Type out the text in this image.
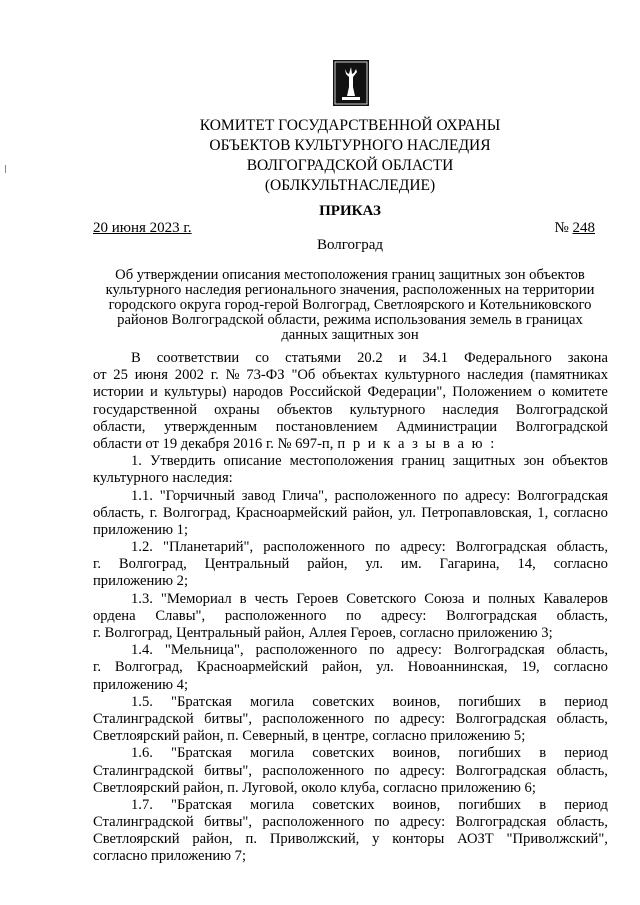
КОМИТЕТ ГОСУДАРСТВЕННОЙ ОХРАНЫ
ОБЪЕКТОВ КУЛЬТУРНОГО НАСЛЕДИЯ
ВОЛГОГРАДСКОЙ ОБЛАСТИ
(ОБЛКУЛЬТНАСЛЕДИЕ)
ПРИКАЗ
20 июня 2023 г.	№ 248
Волгоград
Об утверждении описания местоположения границ защитных зон объектов
культурного наследия регионального значения, расположенных на территории
городского округа город-герой Волгоград, Светлоярского и Котельниковского
районов Волгоградской области, режима использования земель в границах
данных защитных зон
В соответствии со статьями 20.2 и 34.1 Федерального закона
от 25 июня 2002 г. № 73-ФЗ "Об объектах культурного наследия (памятниках
истории и культуры) народов Российской Федерации", Положением о комитете
государственной охраны объектов культурного наследия Волгоградской
области, утвержденным постановлением Администрации Волгоградской
области от 19 декабря 2016 г. № 697-п, п р и к а з ы в а ю :
1. Утвердить описание местоположения границ защитных зон объектов
культурного наследия:
1.1. "Горчичный завод Глича", расположенного по адресу: Волгоградская
область, г. Волгоград, Красноармейский район, ул. Петропавловская, 1, согласно
приложению 1;
1.2. "Планетарий", расположенного по адресу: Волгоградская область,
г. Волгоград, Центральный район, ул. им. Гагарина, 14, согласно
приложению 2;
1.3. "Мемориал в честь Героев Советского Союза и полных Кавалеров
ордена Славы", расположенного по адресу: Волгоградская область,
г. Волгоград, Центральный район, Аллея Героев, согласно приложению 3;
1.4. "Мельница", расположенного по адресу: Волгоградская область,
г. Волгоград, Красноармейский район, ул. Новоаннинская, 19, согласно
приложению 4;
1.5. "Братская могила советских воинов, погибших в период
Сталинградской битвы", расположенного по адресу: Волгоградская область,
Светлоярский район, п. Северный, в центре, согласно приложению 5;
1.6. "Братская могила советских воинов, погибших в период
Сталинградской битвы", расположенного по адресу: Волгоградская область,
Светлоярский район, п. Луговой, около клуба, согласно приложению 6;
1.7. "Братская могила советских воинов, погибших в период
Сталинградской битвы", расположенного по адресу: Волгоградская область,
Светлоярский район, п. Приволжский, у конторы АОЗТ "Приволжский",
согласно приложению 7;
